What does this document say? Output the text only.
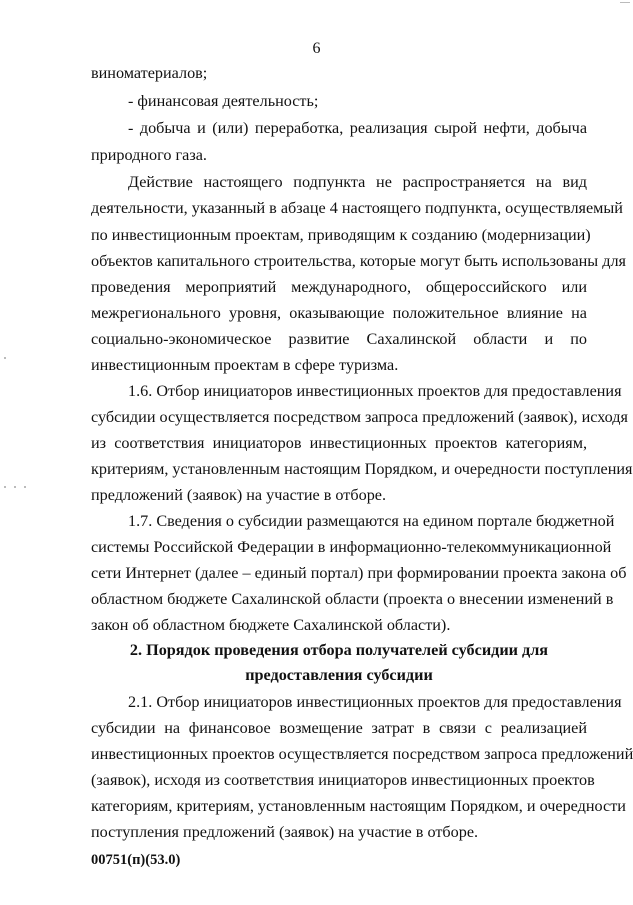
6
виноматериалов;
- финансовая деятельность;
- добыча и (или) переработка, реализация сырой нефти, добыча
природного газа.
Действие настоящего подпункта не распространяется на вид
деятельности, указанный в абзаце 4 настоящего подпункта, осуществляемый
по инвестиционным проектам, приводящим к созданию (модернизации)
объектов капитального строительства, которые могут быть использованы для
проведения мероприятий международного, общероссийского или
межрегионального уровня, оказывающие положительное влияние на
социально-экономическое развитие Сахалинской области и по
инвестиционным проектам в сфере туризма.
1.6. Отбор инициаторов инвестиционных проектов для предоставления
субсидии осуществляется посредством запроса предложений (заявок), исходя
из соответствия инициаторов инвестиционных проектов категориям,
критериям, установленным настоящим Порядком, и очередности поступления
предложений (заявок) на участие в отборе.
1.7. Сведения о субсидии размещаются на едином портале бюджетной
системы Российской Федерации в информационно-телекоммуникационной
сети Интернет (далее – единый портал) при формировании проекта закона об
областном бюджете Сахалинской области (проекта о внесении изменений в
закон об областном бюджете Сахалинской области).
2. Порядок проведения отбора получателей субсидии для
предоставления субсидии
2.1. Отбор инициаторов инвестиционных проектов для предоставления
субсидии на финансовое возмещение затрат в связи с реализацией
инвестиционных проектов осуществляется посредством запроса предложений
(заявок), исходя из соответствия инициаторов инвестиционных проектов
категориям, критериям, установленным настоящим Порядком, и очередности
поступления предложений (заявок) на участие в отборе.
00751(п)(53.0)
